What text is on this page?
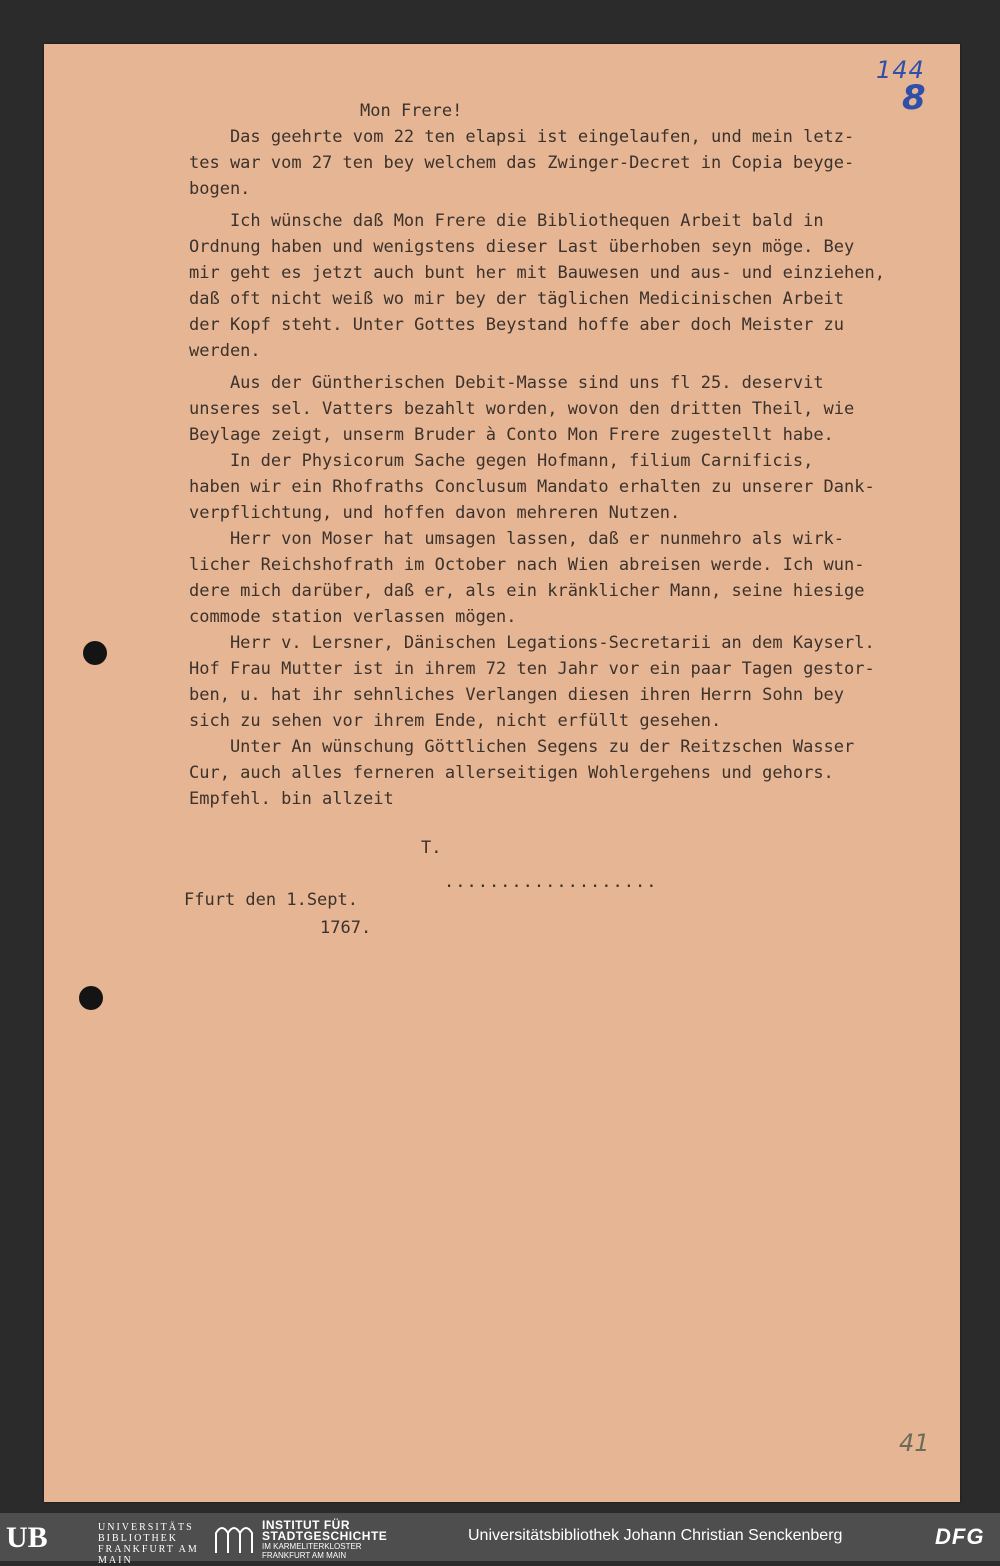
144
8
Mon Frere!
Das geehrte vom 22 ten elapsi ist eingelaufen, und mein letz-
tes war vom 27 ten bey welchem das Zwinger-Decret in Copia beyge-
bogen.
Ich wünsche daß Mon Frere die Bibliothequen Arbeit bald in
Ordnung haben und wenigstens dieser Last überhoben seyn möge. Bey
mir geht es jetzt auch bunt her mit Bauwesen und aus- und einziehen,
daß oft nicht weiß wo mir bey der täglichen Medicinischen Arbeit
der Kopf steht. Unter Gottes Beystand hoffe aber doch Meister zu
werden.
Aus der Güntherischen Debit-Masse sind uns fl 25. deservit
unseres sel. Vatters bezahlt worden, wovon den dritten Theil, wie
Beylage zeigt, unserm Bruder à Conto Mon Frere zugestellt habe.
In der Physicorum Sache gegen Hofmann, filium Carnificis,
haben wir ein Rhofraths Conclusum Mandato erhalten zu unserer Dank-
verpflichtung, und hoffen davon mehreren Nutzen.
Herr von Moser hat umsagen lassen, daß er nunmehro als wirk-
licher Reichshofrath im October nach Wien abreisen werde. Ich wun-
dere mich darüber, daß er, als ein kränklicher Mann, seine hiesige
commode station verlassen mögen.
Herr v. Lersner, Dänischen Legations-Secretarii an dem Kayserl.
Hof Frau Mutter ist in ihrem 72 ten Jahr vor ein paar Tagen gestor-
ben, u. hat ihr sehnliches Verlangen diesen ihren Herrn Sohn bey
sich zu sehen vor ihrem Ende, nicht erfüllt gesehen.
Unter An wünschung Göttlichen Segens zu der Reitzschen Wasser
Cur, auch alles ferneren allerseitigen Wohlergehens und gehors.
Empfehl. bin allzeit
T.
...................
Ffurt den 1.Sept.
1767.
41
UB	UNIVERSITÄTS
BIBLIOTHEK
FRANKFURT AM MAIN
INSTITUT FÜR
STADTGESCHICHTE
IM KARMELITERKLOSTER
FRANKFURT AM MAIN
Universitätsbibliothek Johann Christian Senckenberg	DFG
